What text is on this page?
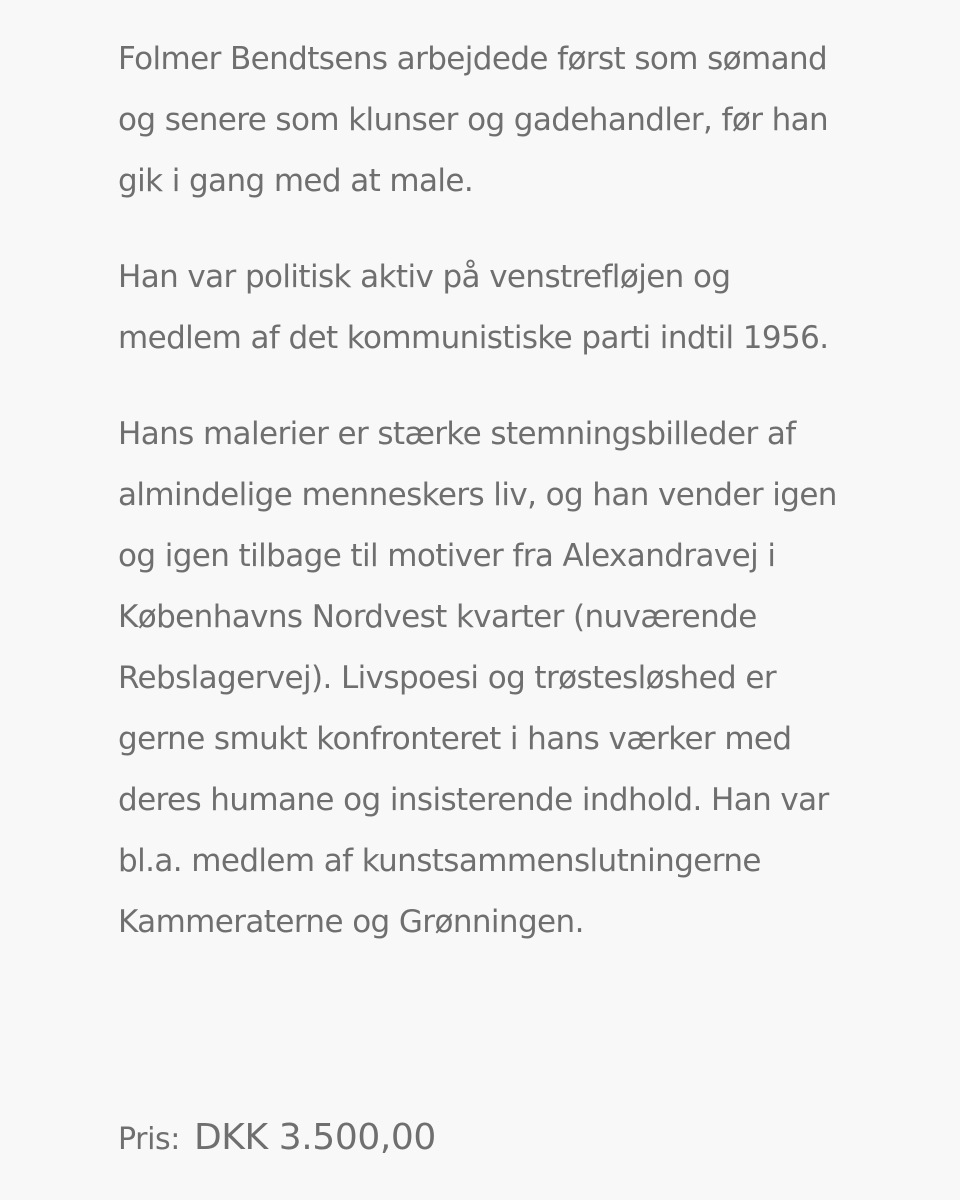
Folmer Bendtsens arbejdede først som sømand og senere som klunser og gadehandler, før han gik i gang med at male.

Han var politisk aktiv på venstrefløjen og medlem af det kommunistiske parti indtil 1956.

Hans malerier er stærke stemningsbilleder af almindelige menneskers liv, og han vender igen og igen tilbage til motiver fra Alexandravej i Københavns Nordvest kvarter (nuværende Rebslagervej). Livspoesi og trøstesløshed er gerne smukt konfronteret i hans værker med deres humane og insisterende indhold. Han var bl.a. medlem af kunstsammenslutningerne Kammeraterne og Grønningen.

Pris: DKK 3.500,00
